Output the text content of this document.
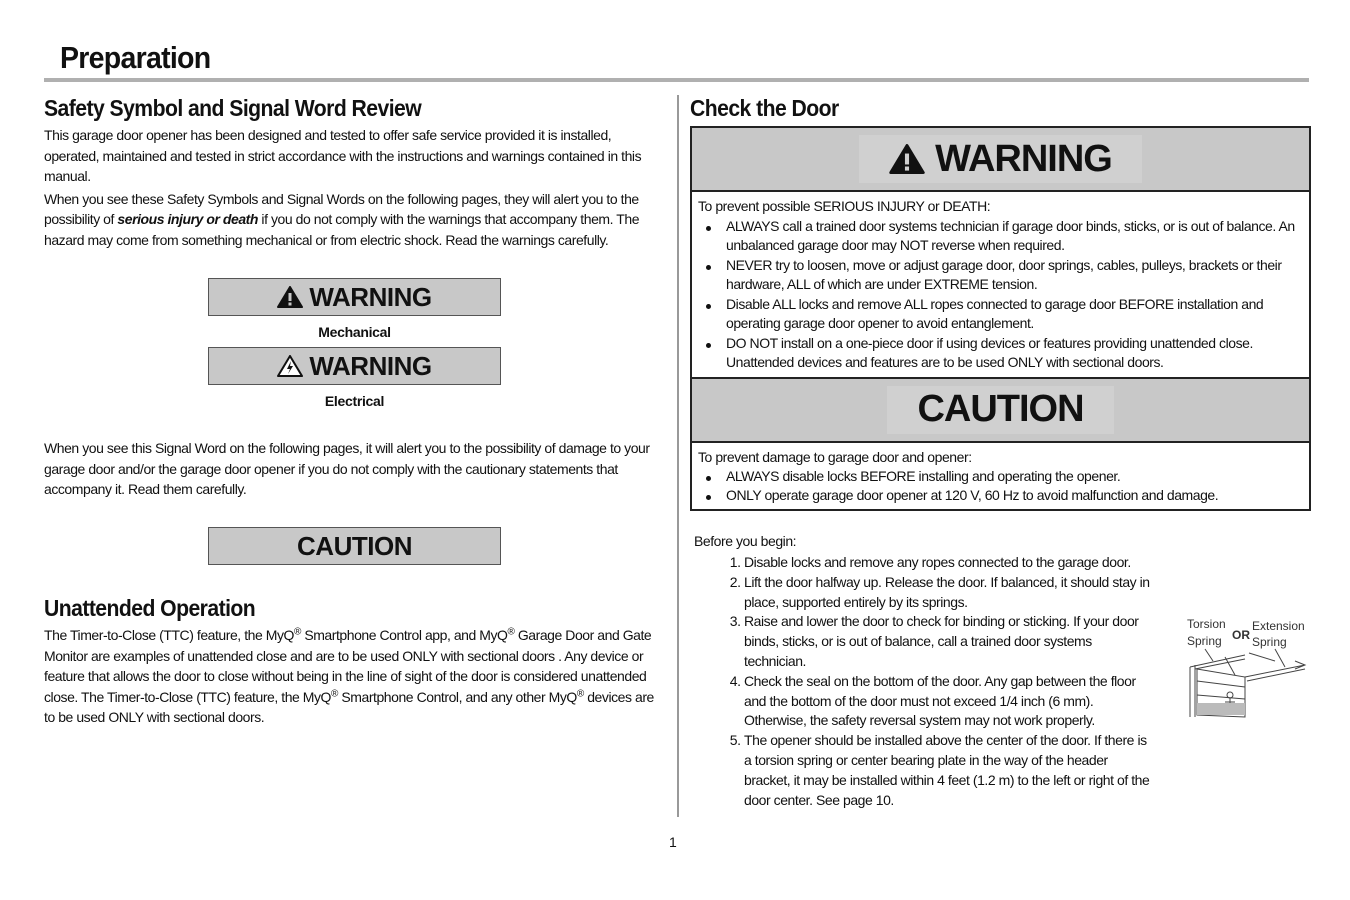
Preparation
Safety Symbol and Signal Word Review

This garage door opener has been designed and tested to offer safe service provided it is installed, operated, maintained and tested in strict accordance with the instructions and warnings contained in this manual.

When you see these Safety Symbols and Signal Words on the following pages, they will alert you to the possibility of serious injury or death if you do not comply with the warnings that accompany them. The hazard may come from something mechanical or from electric shock. Read the warnings carefully.

WARNING
Mechanical
WARNING
Electrical
When you see this Signal Word on the following pages, it will alert you to the possibility of damage to your garage door and/or the garage door opener if you do not comply with the cautionary statements that accompany it. Read them carefully.
CAUTION
Unattended Operation
The Timer-to-Close (TTC) feature, the MyQ® Smartphone Control app, and MyQ® Garage Door and Gate Monitor are examples of unattended close and are to be used ONLY with sectional doors . Any device or feature that allows the door to close without being in the line of sight of the door is considered unattended close. The Timer-to-Close (TTC) feature, the MyQ® Smartphone Control, and any other MyQ® devices are to be used ONLY with sectional doors.
Check the Door
WARNING
To prevent possible SERIOUS INJURY or DEATH:
ALWAYS call a trained door systems technician if garage door binds, sticks, or is out of balance. An unbalanced garage door may NOT reverse when required.
NEVER try to loosen, move or adjust garage door, door springs, cables, pulleys, brackets or their hardware, ALL of which are under EXTREME tension.
Disable ALL locks and remove ALL ropes connected to garage door BEFORE installation and operating garage door opener to avoid entanglement.
DO NOT install on a one-piece door if using devices or features providing unattended close. Unattended devices and features are to be used ONLY with sectional doors.
CAUTION
To prevent damage to garage door and opener:
ALWAYS disable locks BEFORE installing and operating the opener.
ONLY operate garage door opener at 120 V, 60 Hz to avoid malfunction and damage.
Before you begin:
1. Disable locks and remove any ropes connected to the garage door.
2. Lift the door halfway up. Release the door. If balanced, it should stay in place, supported entirely by its springs.
3. Raise and lower the door to check for binding or sticking. If your door binds, sticks, or is out of balance, call a trained door systems technician.
4. Check the seal on the bottom of the door. Any gap between the floor and the bottom of the door must not exceed 1/4 inch (6 mm). Otherwise, the safety reversal system may not work properly.
5. The opener should be installed above the center of the door. If there is a torsion spring or center bearing plate in the way of the header bracket, it may be installed within 4 feet (1.2 m) to the left or right of the door center. See page 10.
Torsion
Spring OR
Extension
Spring
1
